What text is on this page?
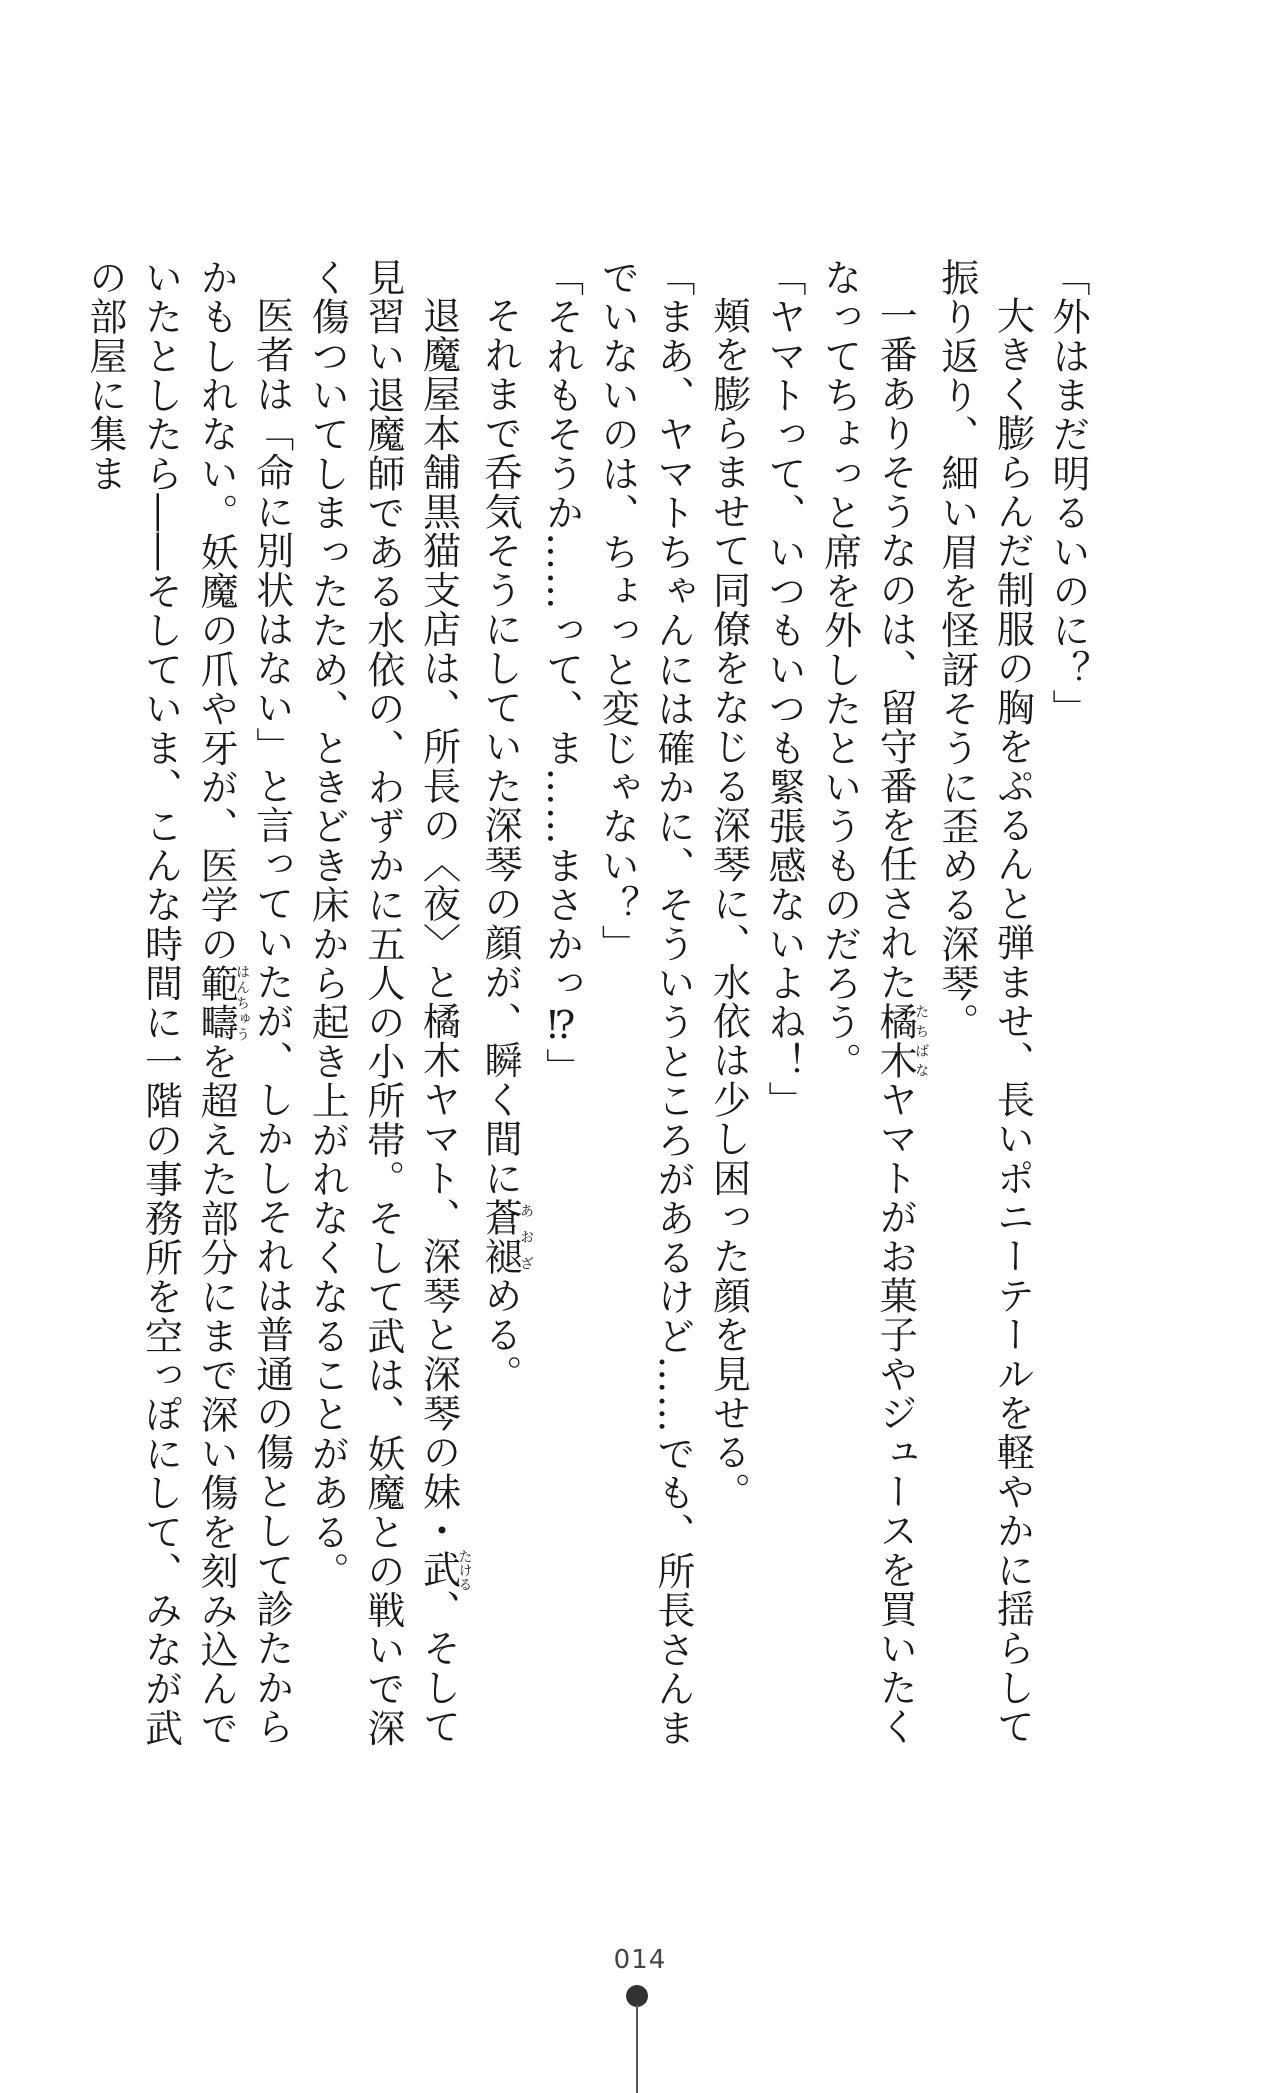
「外はまだ明るいのに？」

大きく膨らんだ制服の胸をぷるんと弾ませ、長いポニーテールを軽やかに揺らして振り返り、細い眉を怪訝そうに歪める深琴。

一番ありそうなのは、留守番を任された橘木たちばなヤマトがお菓子やジュースを買いたくなってちょっと席を外したというものだろう。

「ヤマトって、いつもいつも緊張感ないよね！」

頬を膨らませて同僚をなじる深琴に、水依は少し困った顔を見せる。

「まあ、ヤマトちゃんには確かに、そういうところがあるけど……でも、所長さんまでいないのは、ちょっと変じゃない？」

「それもそうか……って、ま……まさかっ⁉」

それまで呑気そうにしていた深琴の顔が、瞬く間に蒼褪あおざめる。

退魔屋本舗黒猫支店は、所長の〈夜〉と橘木ヤマト、深琴と深琴の妹・武たける、そして見習い退魔師である水依の、わずかに五人の小所帯。そして武は、妖魔との戦いで深く傷ついてしまったため、ときどき床から起き上がれなくなることがある。

医者は「命に別状はない」と言っていたが、しかしそれは普通の傷として診たからかもしれない。妖魔の爪や牙が、医学の範疇はんちゅうを超えた部分にまで深い傷を刻み込んでいたとしたら――そしていま、こんな時間に一階の事務所を空っぽにして、みなが武の部屋に集ま

014
